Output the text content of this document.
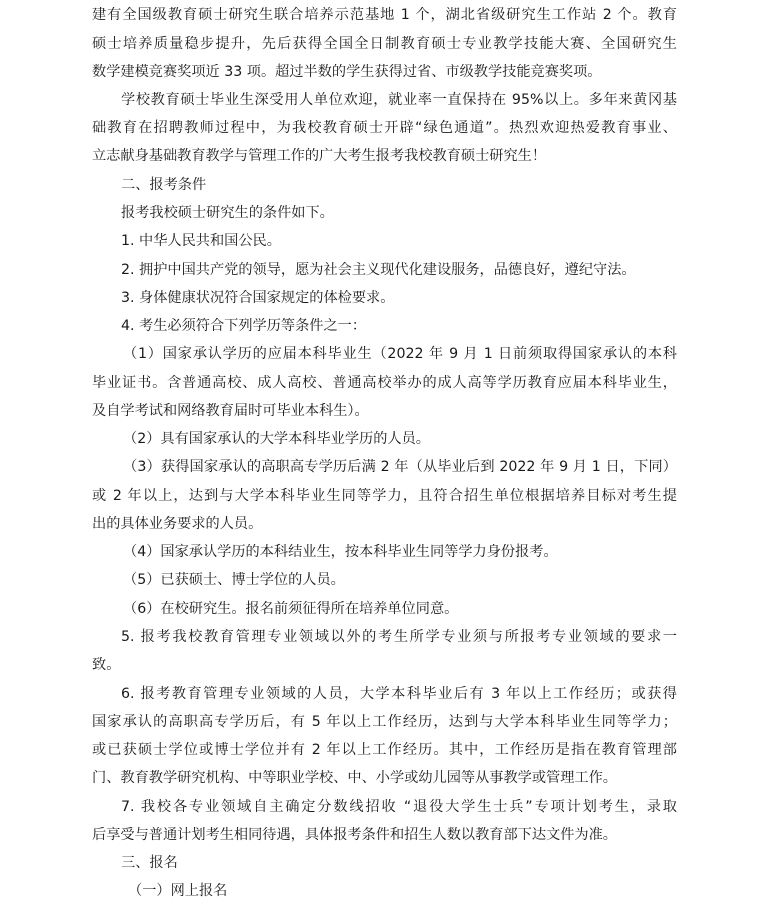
建有全国级教育硕士研究生联合培养示范基地 1 个，湖北省级研究生工作站 2 个。教育
硕士培养质量稳步提升，先后获得全国全日制教育硕士专业教学技能大赛、全国研究生
数学建模竞赛奖项近 33 项。超过半数的学生获得过省、市级教学技能竞赛奖项。
学校教育硕士毕业生深受用人单位欢迎，就业率一直保持在 95%以上。多年来黄冈基
础教育在招聘教师过程中，为我校教育硕士开辟“绿色通道”。热烈欢迎热爱教育事业、
立志献身基础教育教学与管理工作的广大考生报考我校教育硕士研究生！
二、报考条件
报考我校硕士研究生的条件如下。
1. 中华人民共和国公民。
2. 拥护中国共产党的领导，愿为社会主义现代化建设服务，品德良好，遵纪守法。
3. 身体健康状况符合国家规定的体检要求。
4. 考生必须符合下列学历等条件之一：
（1）国家承认学历的应届本科毕业生（2022 年 9 月 1 日前须取得国家承认的本科
毕业证书。含普通高校、成人高校、普通高校举办的成人高等学历教育应届本科毕业生，
及自学考试和网络教育届时可毕业本科生）。
（2）具有国家承认的大学本科毕业学历的人员。
（3）获得国家承认的高职高专学历后满 2 年（从毕业后到 2022 年 9 月 1 日，下同）
或 2 年以上，达到与大学本科毕业生同等学力，且符合招生单位根据培养目标对考生提
出的具体业务要求的人员。
（4）国家承认学历的本科结业生，按本科毕业生同等学力身份报考。
（5）已获硕士、博士学位的人员。
（6）在校研究生。报名前须征得所在培养单位同意。
5. 报考我校教育管理专业领域以外的考生所学专业须与所报考专业领域的要求一
致。
6. 报考教育管理专业领域的人员，大学本科毕业后有 3 年以上工作经历；或获得
国家承认的高职高专学历后，有 5 年以上工作经历，达到与大学本科毕业生同等学力；
或已获硕士学位或博士学位并有 2 年以上工作经历。其中，工作经历是指在教育管理部
门、教育教学研究机构、中等职业学校、中、小学或幼儿园等从事教学或管理工作。
7. 我校各专业领域自主确定分数线招收 “退役大学生士兵”专项计划考生，录取
后享受与普通计划考生相同待遇，具体报考条件和招生人数以教育部下达文件为准。
三、报名
（一）网上报名
